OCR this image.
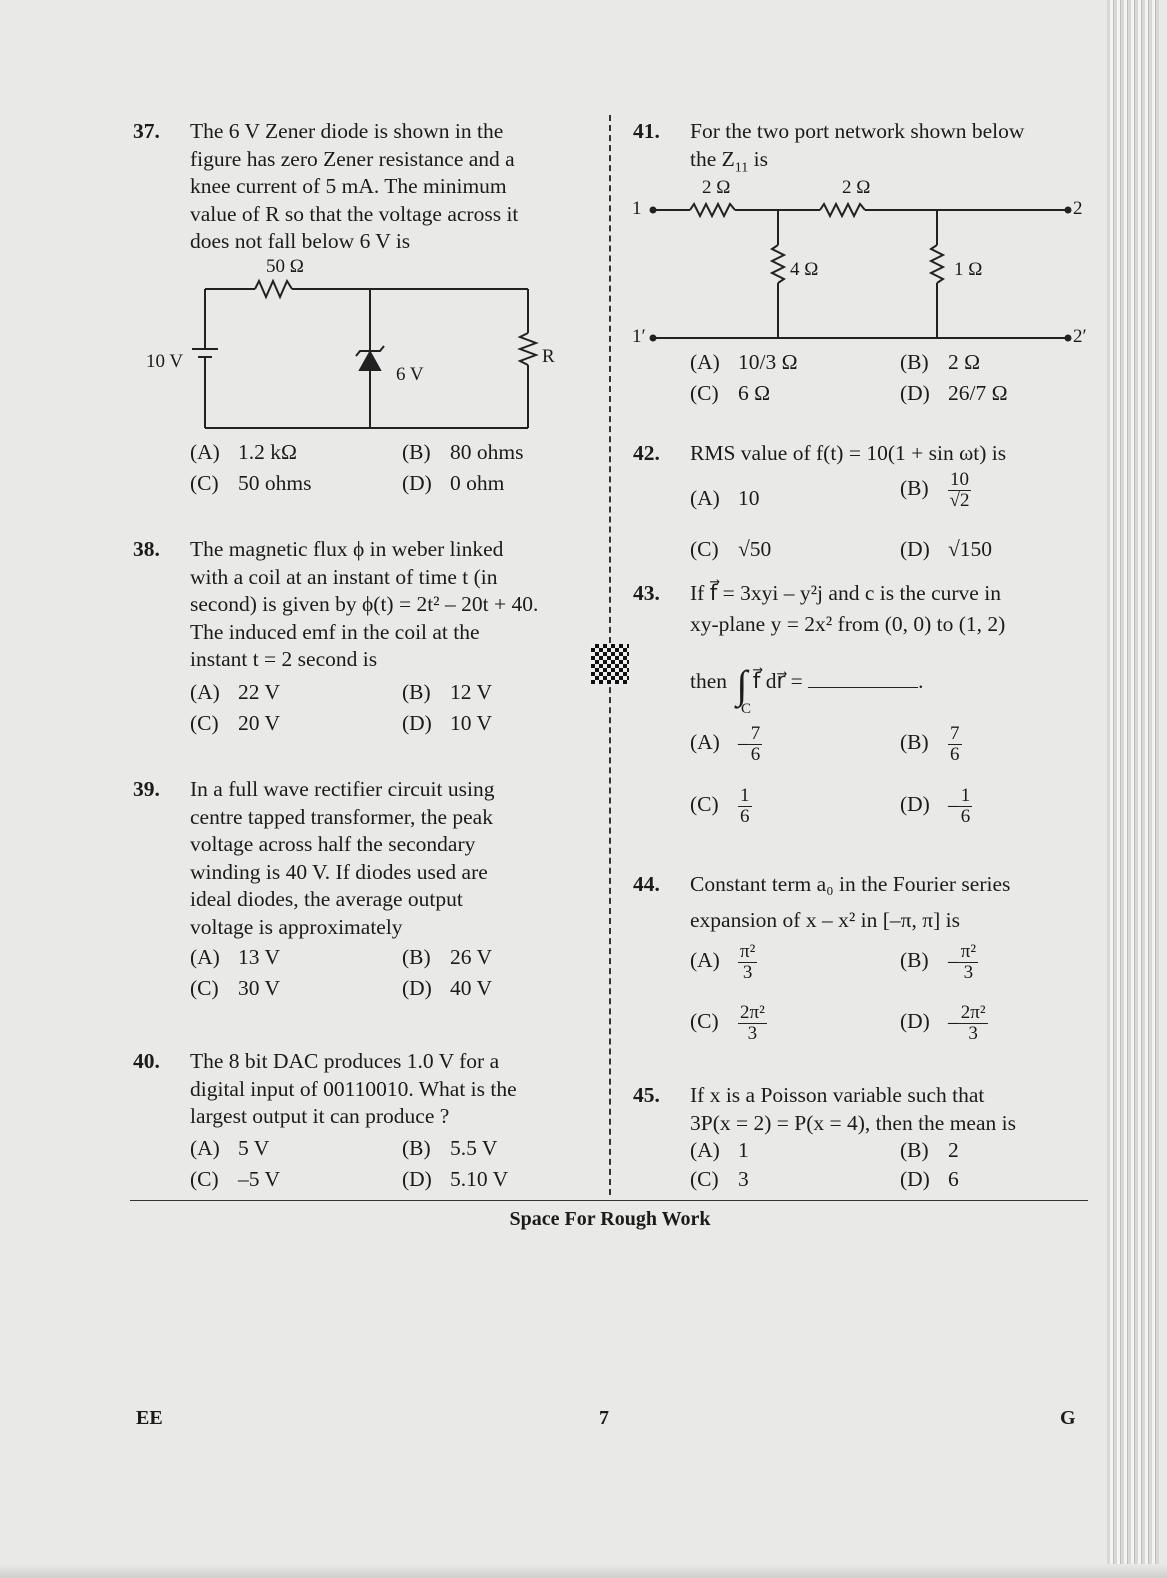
37. The 6 V Zener diode is shown in the
figure has zero Zener resistance and a
knee current of 5 mA. The minimum
value of R so that the voltage across it
does not fall below 6 V is
50 Ω
10 V
6 V
R
(A) 1.2 kΩ	(B) 80 ohms
(C) 50 ohms	(D) 0 ohm
38. The magnetic flux ϕ in weber linked
with a coil at an instant of time t (in
second) is given by ϕ(t) = 2t² – 20t + 40.
The induced emf in the coil at the
instant t = 2 second is
(A) 22 V	(B) 12 V
(C) 20 V	(D) 10 V
39. In a full wave rectifier circuit using
centre tapped transformer, the peak
voltage across half the secondary
winding is 40 V. If diodes used are
ideal diodes, the average output
voltage is approximately
(A) 13 V	(B) 26 V
(C) 30 V	(D) 40 V
40. The 8 bit DAC produces 1.0 V for a
digital input of 00110010. What is the
largest output it can produce ?
(A) 5 V	(B) 5.5 V
(C) –5 V	(D) 5.10 V
41. For the two port network shown below
the $Z_{11}$ is
2 Ω	2 Ω
4 Ω	1 Ω
1
1′
2
2′
(A) 10/3 Ω	(B) 2 Ω
(C) 6 Ω	(D) 26/7 Ω
42. RMS value of f(t) = 10(1 + sin ωt) is
(A) 10	$(B) \frac{10}{√2}$
(C) √50	(D) √150
43. If f⃗ = 3xyi – y²j and c is the curve in
xy-plane y = 2x² from (0, 0) to (1, 2)
then ∫ f⃗ dr⃗ =	.
C
$(A) - \frac{7}{6}$	$(B) \frac{7}{6}$
$(C) \frac{1}{6}$	$(D) - \frac{1}{6}$
44. Constant term a₀ in the Fourier series
expansion of x – x² in [–π, π] is
$(A) \frac{\text{π²}}{3}$	$(B) - \frac{\text{π²}}{3}$
$(C) \frac{\text{2π²}}{3}$	$(D) - \frac{\text{2π²}}{3}$
45. If x is a Poisson variable such that
3P(x = 2) = P(x = 4), then the mean is
(A) 1	(B) 2
(C) 3	(D) 6
Space For Rough Work
EE	7	G
